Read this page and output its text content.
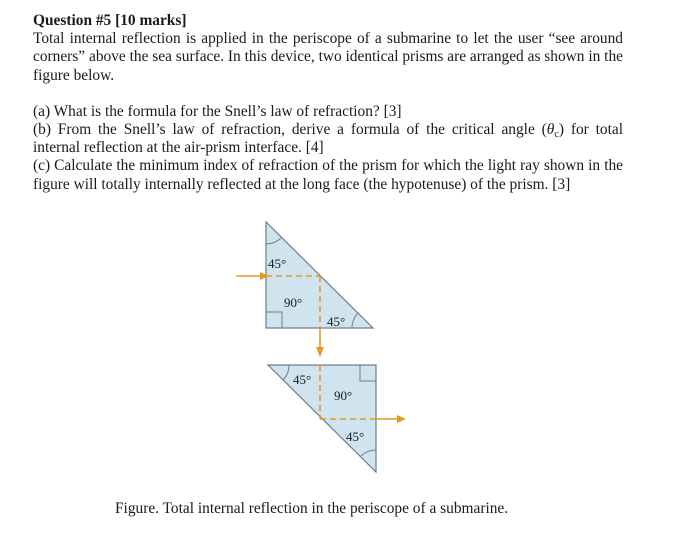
Question #5 [10 marks]

Total internal reflection is applied in the periscope of a submarine to let the user “see around corners” above the sea surface. In this device, two identical prisms are arranged as shown in the figure below.

(a) What is the formula for the Snell’s law of refraction? [3]

(b) From the Snell’s law of refraction, derive a formula of the critical angle $(\theta_c)$ for total internal reflection at the air-prism interface. [4]

(c) Calculate the minimum index of refraction of the prism for which the light ray shown in the figure will totally internally reflected at the long face (the hypotenuse) of the prism. [3]

45°
90°
45°
45°
90°
45°

Figure. Total internal reflection in the periscope of a submarine.
